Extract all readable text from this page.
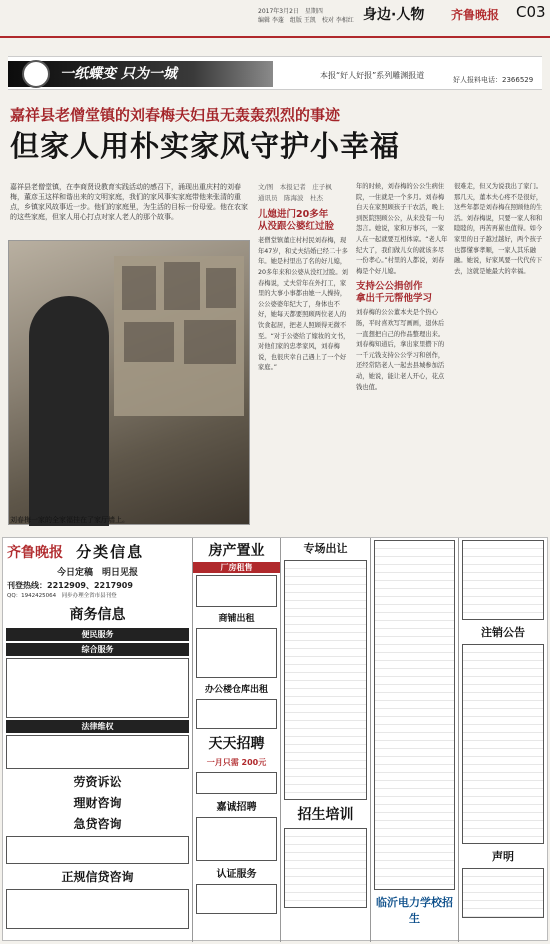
2017年3月2日　星期四
编辑 李蓬　组版 王凯　校对 李相红 身边·人物 齐鲁晚报 C03
一纸蝶变 只为一城	本报“好人好报”系列雕渊报道	好人报料电话：2366529
嘉祥县老僧堂镇的刘春梅夫妇虽无轰轰烈烈的事迹
但家人用朴实家风守护小幸福
嘉祥县老僧堂镇，在李商贤设教育实践活动的感召下，涌现出重庆村的刘春梅，董彦玉这样和谐出来的文明家庭，我们的家风事实家庭带他来张清的重点，乡镇家风故事近一步。他们的家庭里，为生活的目标一份母爱。他在农家的这些家庭，但家人用心打点对家人老人的那个故事。
刘春梅一家的全家福挂在了家厅墙上。
文/图　本报记者　庄子枫
通讯员　陈海波　杜杰
儿媳进门20多年
从没跟公婆红过脸
老僧堂镇董庄村村民刘春梅，现年47岁，和丈夫结婚已经二十多年。她是村里出了名的好儿媳，20多年来和公婆从没红过脸。刘春梅说，丈夫常年在外打工，家里的大事小事都由她一人操持，公公婆婆年纪大了，身体也不好，她每天都要照顾两位老人的饮食起居，把老人照顾得无微不至。“对于公婆给了嫁妆的文书，对他们家的忠孝家风，刘春梅说，也很庆幸自己遇上了一个好家庭。”
年的时候，刘春梅的公公生病住院，一住就是一个多月。刘春梅白天在家照顾孩子干农活，晚上到医院照顾公公，从来没有一句怨言。她说，家和万事兴，一家人在一起就要互相体谅。“老人年纪大了，我们做儿女的就该多尽一份孝心。”村里的人都说，刘春梅是个好儿媳。
支持公公捐创作
拿出千元帮他学习
刘春梅的公公董本夫是个热心肠，平时喜欢写写画画，退休后一直想把自己的作品整理出来。刘春梅知道后，拿出家里攒下的一千元钱支持公公学习和创作，还经常陪老人一起去县城参加活动，她说，能让老人开心，花点钱也值。
很难走，但又为说我出了家门。那几天，董本夫心疼不是很好，这些年都是刘春梅在照顾他的生活。刘春梅说，只要一家人和和睦睦的，再苦再累也值得。如今家里的日子越过越好，两个孩子也都懂事孝顺，一家人其乐融融。她说，好家风要一代代传下去，这就是她最大的幸福。
齐鲁晚报 分类信息
今日定稿　明日见报
刊登热线：2212909、2217909
QQ：1942425064　同步办理全省市县刊登
商务信息
便民服务
综合服务
法律维权
劳资诉讼
理财咨询
急贷咨询
正规信贷咨询
房产置业
厂房租售
商铺出租
办公楼仓库出租
天天招聘
一月只需 200元
嘉诚招聘
认证服务
专场出让
招生培训
临沂电力学校招生
注销公告
声明
